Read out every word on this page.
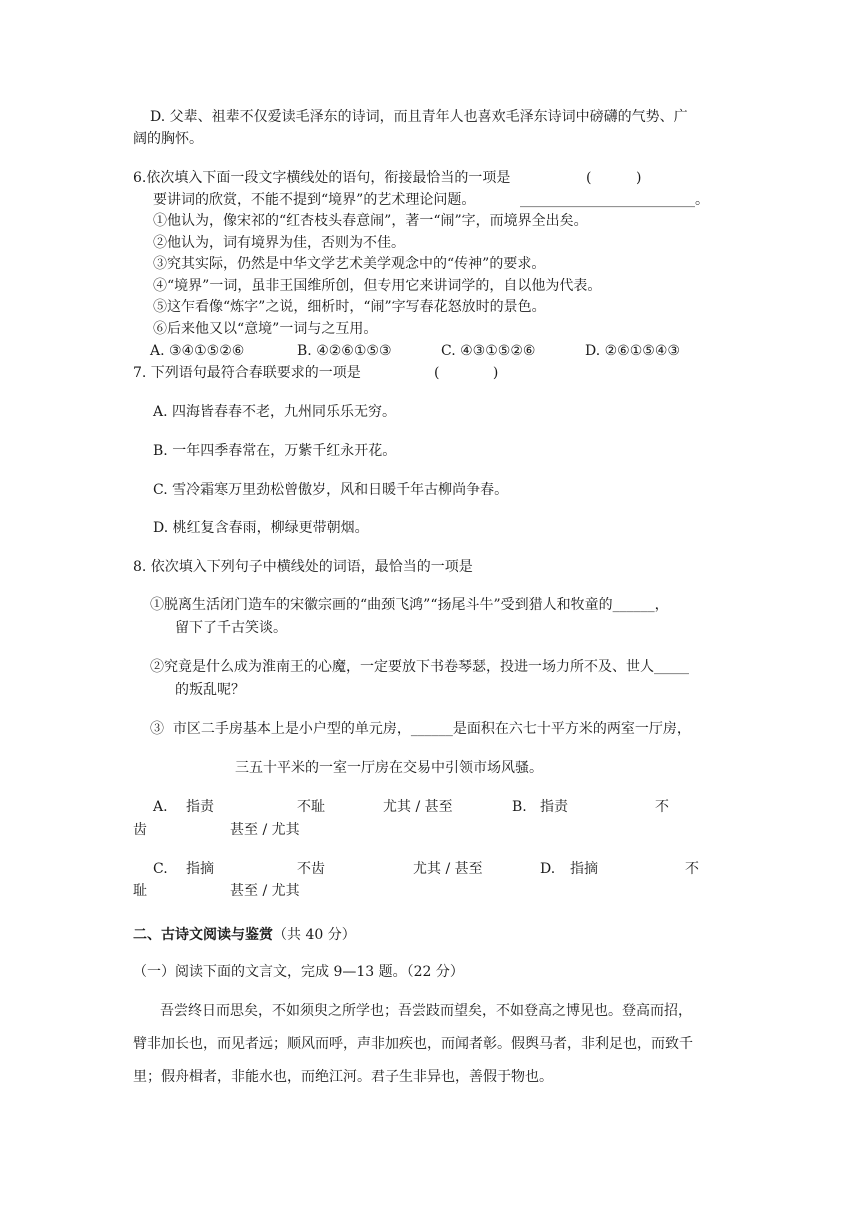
D. 父辈、祖辈不仅爱读毛泽东的诗词，而且青年人也喜欢毛泽东诗词中磅礴的气势、广
阔的胸怀。
6.依次填入下面一段文字横线处的语句，衔接最恰当的一项是	(          )
要讲词的欣赏，不能不提到“境界”的艺术理论问题。	_________________________。
①他认为，像宋祁的“红杏枝头春意闹”，著一“闹”字，而境界全出矣。
②他认为，词有境界为佳，否则为不佳。
③究其实际，仍然是中华文学艺术美学观念中的“传神”的要求。
④“境界”一词，虽非王国维所创，但专用它来讲词学的，自以他为代表。
⑤这乍看像“炼字”之说，细析时，“闹”字写春花怒放时的景色。
⑥后来他又以“意境”一词与之互用。
A. ③④①⑤②⑥	B. ④②⑥①⑤③	C. ④③①⑤②⑥	D. ②⑥①⑤④③
7. 下列语句最符合春联要求的一项是	(            )
A. 四海皆春春不老，九州同乐乐无穷。
B. 一年四季春常在，万紫千红永开花。
C. 雪冷霜寒万里劲松曾傲岁，风和日暖千年古柳尚争春。
D. 桃红复含春雨，柳绿更带朝烟。
8. 依次填入下列句子中横线处的词语，最恰当的一项是
①脱离生活闭门造车的宋徽宗画的“曲颈飞鸿”“扬尾斗牛”受到猎人和牧童的______，
留下了千古笑谈。
②究竟是什么成为淮南王的心魔，一定要放下书卷琴瑟，投进一场力所不及、世人_____
的叛乱呢？
③  市区二手房基本上是小户型的单元房，______是面积在六七十平方米的两室一厅房，
三五十平米的一室一厅房在交易中引领市场风骚。
A. 指责	不耻	尤其 / 甚至	B. 指责	不
齿	甚至 / 尤其
C. 指摘	不齿	尤其 / 甚至	D. 指摘	不
耻	甚至 / 尤其
二、古诗文阅读与鉴赏（共 40 分）
（一）阅读下面的文言文，完成 9—13 题。（22 分）
吾尝终日而思矣，不如须臾之所学也；吾尝跂而望矣，不如登高之博见也。登高而招，
臂非加长也，而见者远；顺风而呼，声非加疾也，而闻者彰。假舆马者，非利足也，而致千
里；假舟楫者，非能水也，而绝江河。君子生非异也，善假于物也。
